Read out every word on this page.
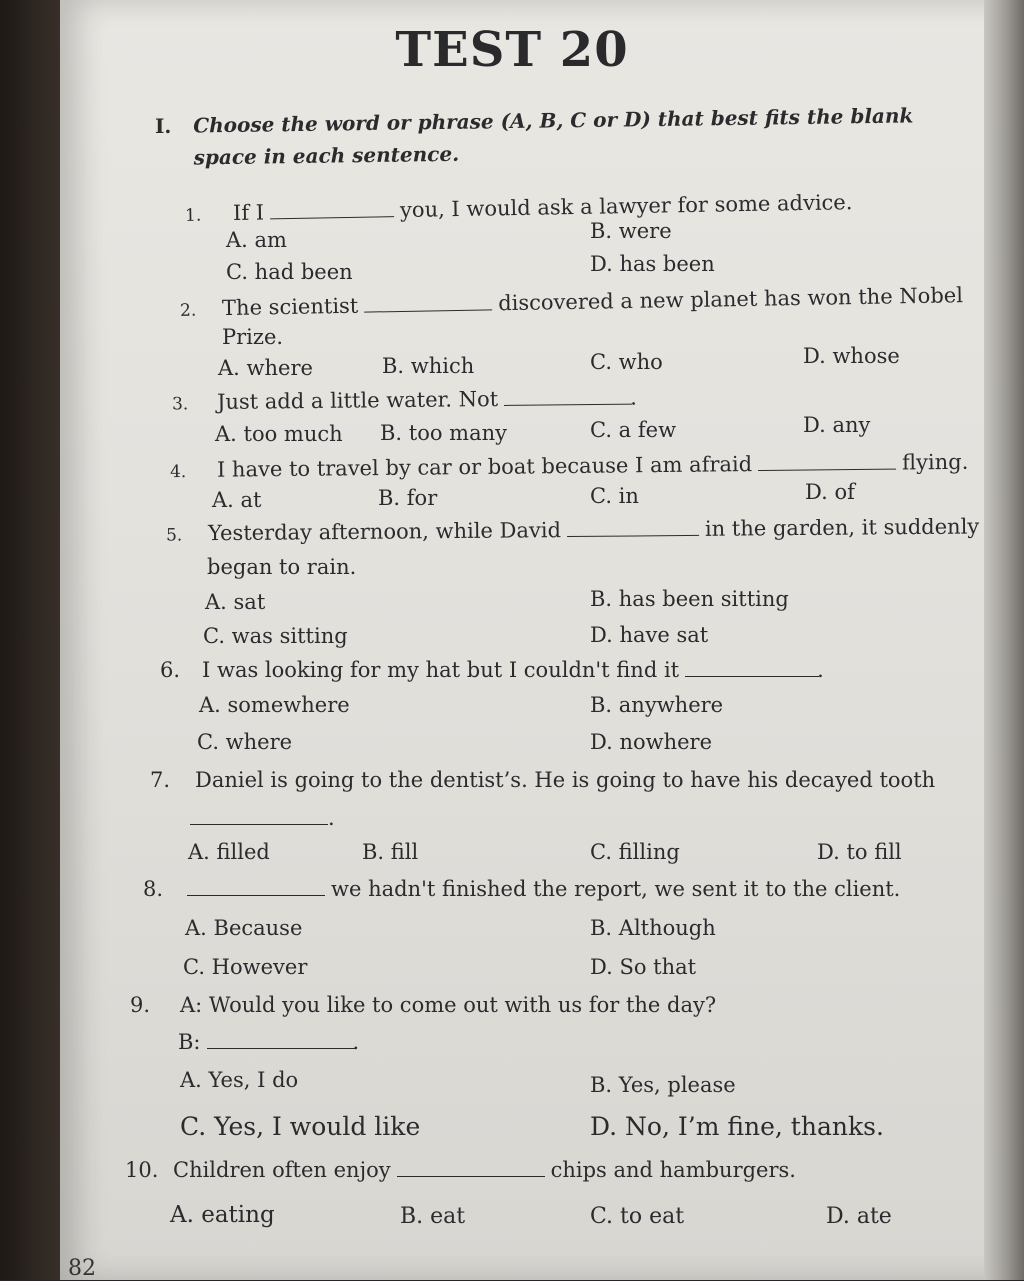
TEST 20
I.	Choose the word or phrase (A, B, C or D) that best fits the blank space in each sentence.
1. If I	you, I would ask a lawyer for some advice.
A. am	B. were
C. had been	D. has been
2. The scientist	discovered a new planet has won the Nobel
Prize.
A. where	B. which	C. who	D. whose
3. Just add a little water. Not	.
A. too much B. too many	C. a few	D. any
4. I have to travel by car or boat because I am afraid	flying.
A. at	B. for	C. in	D. of
5. Yesterday afternoon, while David	in the garden, it suddenly
began to rain.
A. sat	B. has been sitting
C. was sitting	D. have sat
6. I was looking for my hat but I couldn't find it	.
A. somewhere	B. anywhere
C. where	D. nowhere
7. Daniel is going to the dentist’s. He is going to have his decayed tooth
.
A. filled	B. fill	C. filling	D. to fill
8.	we hadn't finished the report, we sent it to the client.
A. Because	B. Although
C. However	D. So that
9. A: Would you like to come out with us for the day?
B:	.
A. Yes, I do	B. Yes, please
C. Yes, I would like	D. No, I’m fine, thanks.
10. Children often enjoy	chips and hamburgers.
A. eating	B. eat	C. to eat	D. ate
82
